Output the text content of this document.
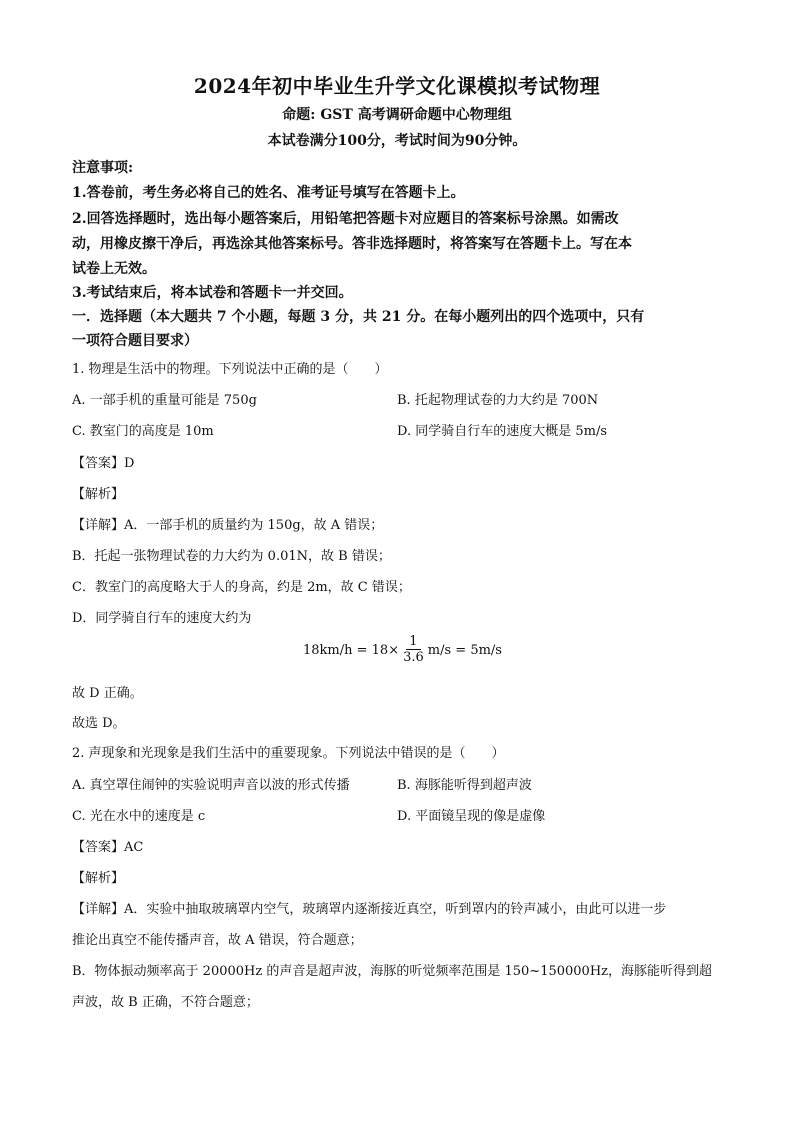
2024年初中毕业生升学文化课模拟考试物理
命题: GST 高考调研命题中心物理组
本试卷满分100分，考试时间为90分钟。
注意事项:
1.答卷前，考生务必将自己的姓名、准考证号填写在答题卡上。
2.回答选择题时，选出每小题答案后，用铅笔把答题卡对应题目的答案标号涂黑。如需改
动，用橡皮擦干净后，再选涂其他答案标号。答非选择题时，将答案写在答题卡上。写在本
试卷上无效。
3.考试结束后，将本试卷和答题卡一并交回。
一．选择题（本大题共 7 个小题，每题 3 分，共 21 分。在每小题列出的四个选项中，只有
一项符合题目要求）
1. 物理是生活中的物理。下列说法中正确的是（　　）
A. 一部手机的重量可能是 750g	B. 托起物理试卷的力大约是 700N
C. 教室门的高度是 10m	D. 同学骑自行车的速度大概是 5m/s
【答案】D
【解析】
【详解】A．一部手机的质量约为 150g，故 A 错误；
B．托起一张物理试卷的力大约为 0.01N，故 B 错误；
C．教室门的高度略大于人的身高，约是 2m，故 C 错误；
D．同学骑自行车的速度大约为
$18km/h = 18\times \frac{1}{3.6} m/s = 5m/s$
故 D 正确。
故选 D。
2. 声现象和光现象是我们生活中的重要现象。下列说法中错误的是（　　）
A. 真空罩住闹钟的实验说明声音以波的形式传播	B. 海豚能听得到超声波
C. 光在水中的速度是 c	D. 平面镜呈现的像是虚像
【答案】AC
【解析】
【详解】A．实验中抽取玻璃罩内空气，玻璃罩内逐渐接近真空，听到罩内的铃声减小，由此可以进一步
推论出真空不能传播声音，故 A 错误，符合题意；
B．物体振动频率高于 20000Hz 的声音是超声波，海豚的听觉频率范围是 150~150000Hz，海豚能听得到超
声波，故 B 正确，不符合题意；
